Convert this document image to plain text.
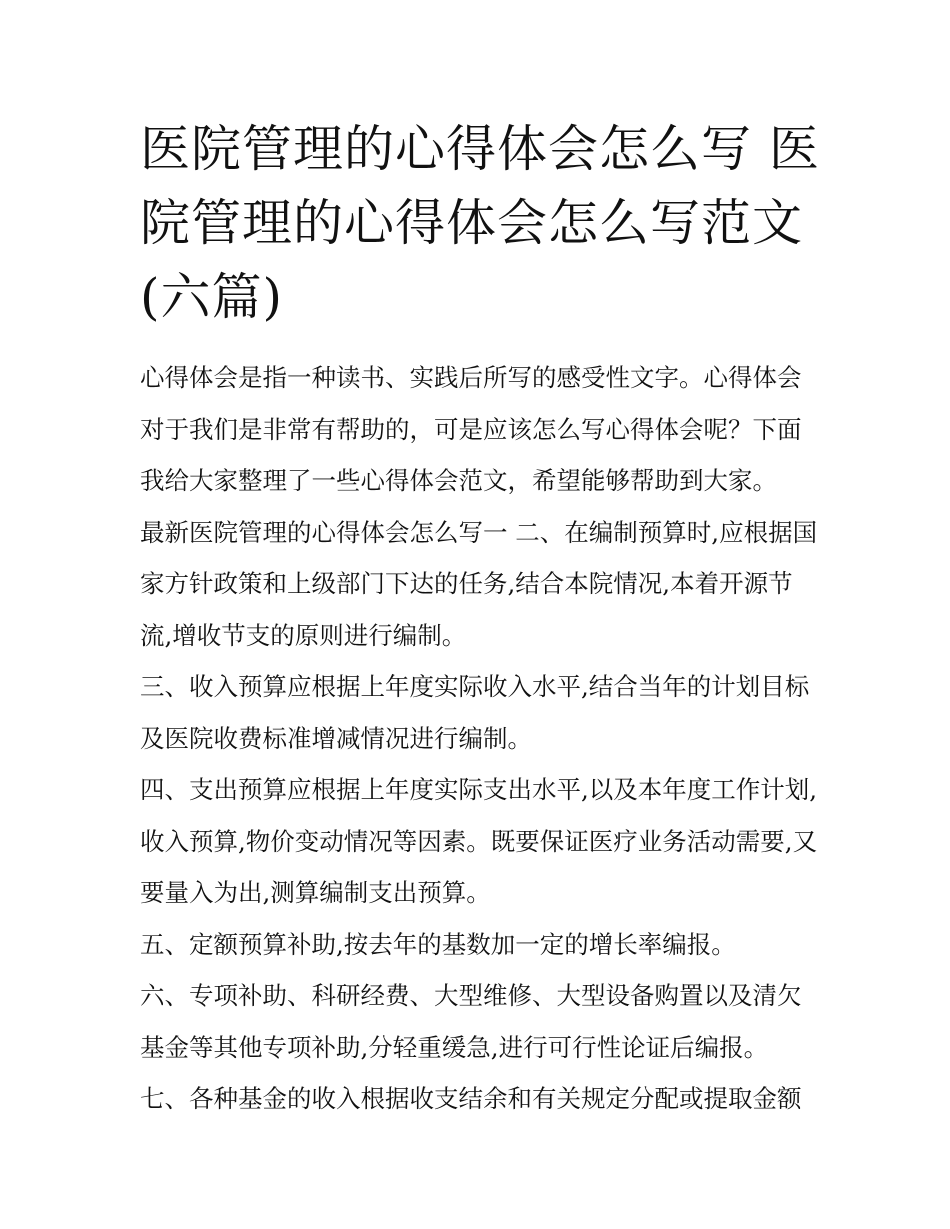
医院管理的心得体会怎么写 医院管理的心得体会怎么写范文(六篇)

心得体会是指一种读书、实践后所写的感受性文字。心得体会对于我们是非常有帮助的，可是应该怎么写心得体会呢？下面我给大家整理了一些心得体会范文，希望能够帮助到大家。

最新医院管理的心得体会怎么写一 二、在编制预算时,应根据国家方针政策和上级部门下达的任务,结合本院情况,本着开源节流,增收节支的原则进行编制。

三、收入预算应根据上年度实际收入水平,结合当年的计划目标及医院收费标准增减情况进行编制。

四、支出预算应根据上年度实际支出水平,以及本年度工作计划,收入预算,物价变动情况等因素。既要保证医疗业务活动需要,又要量入为出,测算编制支出预算。

五、定额预算补助,按去年的基数加一定的增长率编报。

六、专项补助、科研经费、大型维修、大型设备购置以及清欠基金等其他专项补助,分轻重缓急,进行可行性论证后编报。

七、各种基金的收入根据收支结余和有关规定分配或提取金额
